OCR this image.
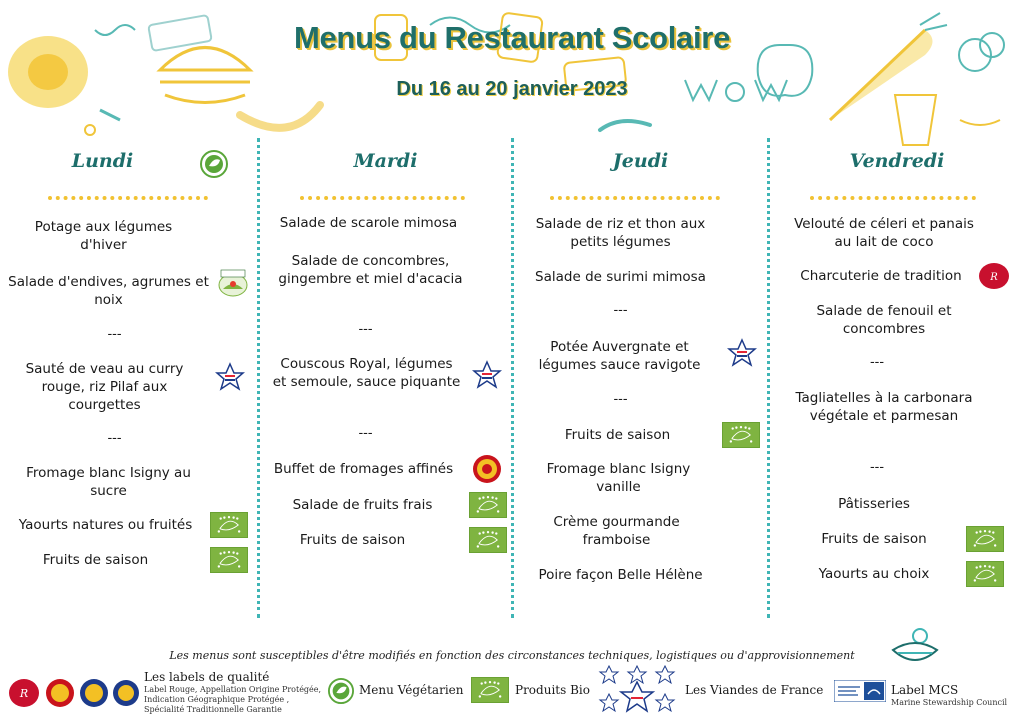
Menus du Restaurant Scolaire
Du 16 au 20 janvier 2023
Lundi
Potage aux légumes d'hiver
Salade d'endives, agrumes et noix
---
Sauté de veau au curry rouge, riz Pilaf aux courgettes
---
Fromage blanc Isigny au sucre
Yaourts natures ou fruités
Fruits de saison
Mardi
Salade de scarole mimosa
Salade de concombres, gingembre et miel d'acacia
---
Couscous Royal, légumes et semoule, sauce piquante
---
Buffet de fromages affinés
Salade de fruits frais
Fruits de saison
Jeudi
Salade de riz et thon aux petits légumes
Salade de surimi mimosa
---
Potée Auvergnate et légumes sauce ravigote
---
Fruits de saison
Fromage blanc Isigny vanille
Crème gourmande framboise
Poire façon Belle Hélène
Vendredi
Velouté de céleri et panais au lait de coco
Charcuterie de tradition	R
Salade de fenouil et concombres
---
Tagliatelles à la carbonara végétale et parmesan
---
Pâtisseries
Fruits de saison
Yaourts au choix
Les menus sont susceptibles d'être modifiés en fonction des circonstances techniques, logistiques ou d'approvisionnement
R
Les labels de qualité
Label Rouge, Appellation Origine Protégée,
Indication Géographique Protégée ,
Spécialité Traditionnelle Garantie
Menu Végétarien	Produits Bio	Les Viandes de France	Label MCS
Marine Stewardship Council
